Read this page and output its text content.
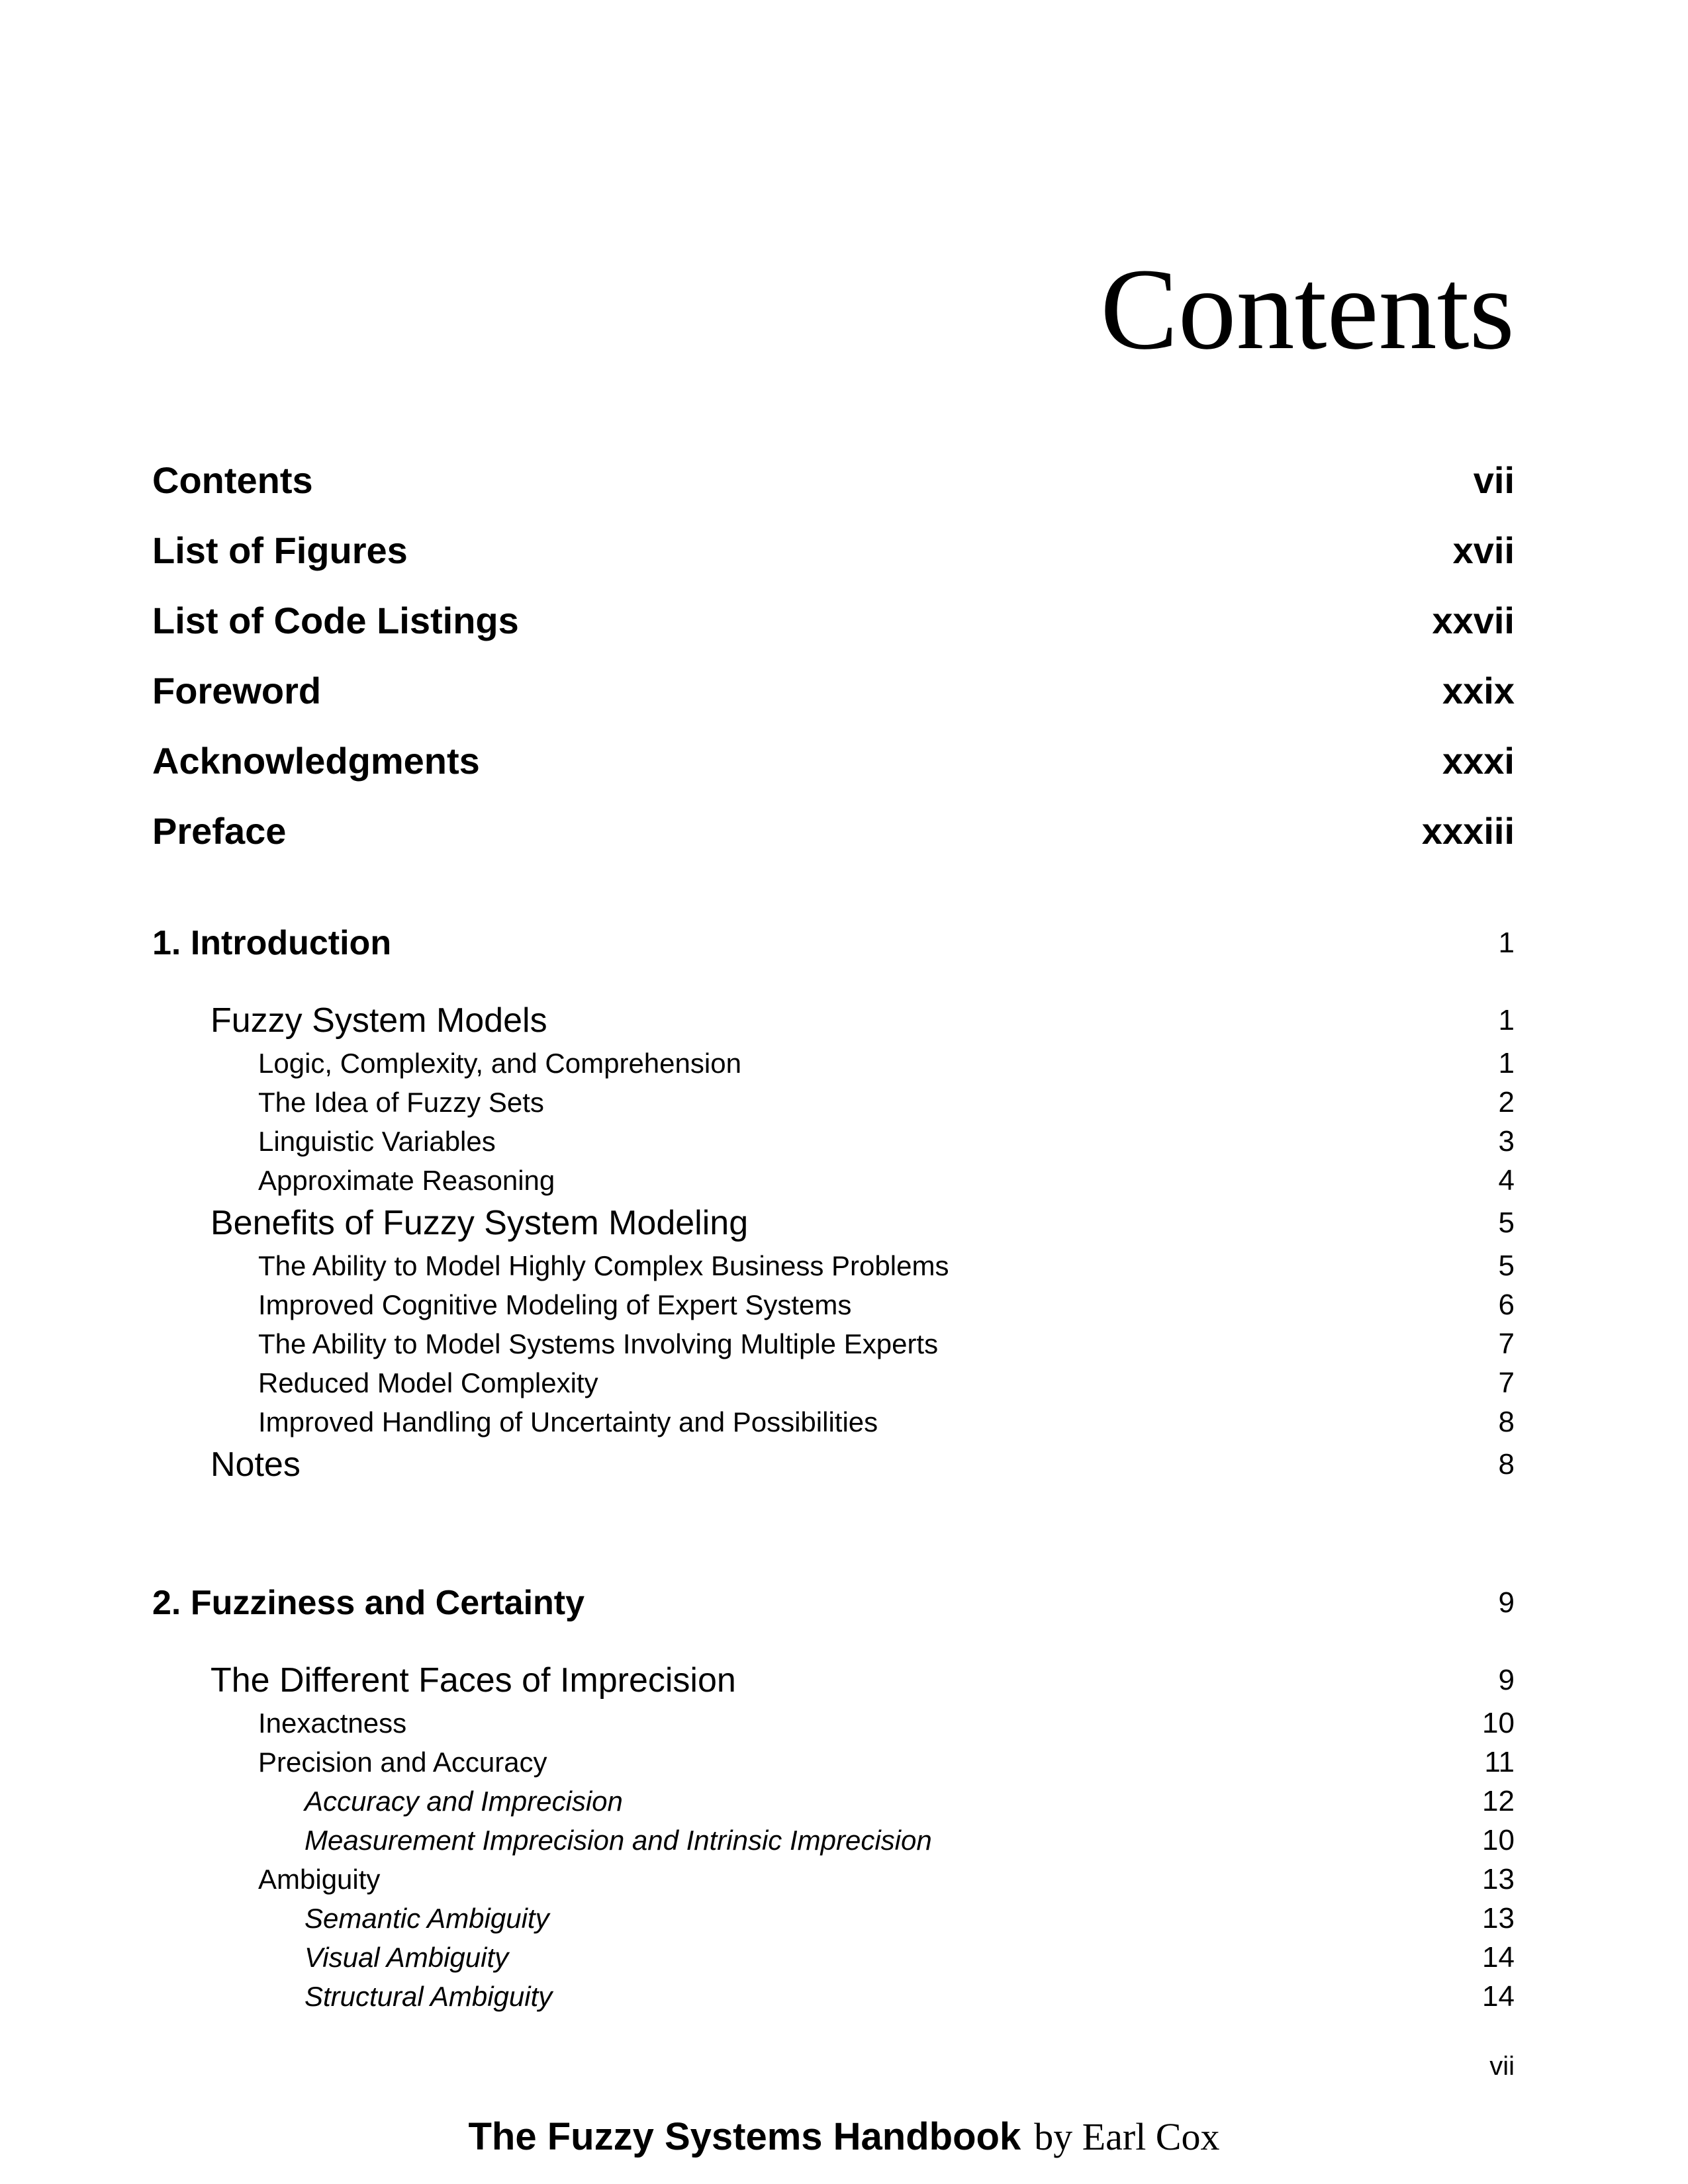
Contents
Contents	vii
List of Figures	xvii
List of Code Listings	xxvii
Foreword	xxix
Acknowledgments	xxxi
Preface	xxxiii
1. Introduction	1
Fuzzy System Models	1
Logic, Complexity, and Comprehension	1
The Idea of Fuzzy Sets	2
Linguistic Variables	3
Approximate Reasoning	4
Benefits of Fuzzy System Modeling	5
The Ability to Model Highly Complex Business Problems	5
Improved Cognitive Modeling of Expert Systems	6
The Ability to Model Systems Involving Multiple Experts	7
Reduced Model Complexity	7
Improved Handling of Uncertainty and Possibilities	8
Notes	8
2. Fuzziness and Certainty	9
The Different Faces of Imprecision	9
Inexactness	10
Precision and Accuracy	11
Accuracy and Imprecision	12
Measurement Imprecision and Intrinsic Imprecision	10
Ambiguity	13
Semantic Ambiguity	13
Visual Ambiguity	14
Structural Ambiguity	14
vii
The Fuzzy Systems Handbook by Earl Cox
